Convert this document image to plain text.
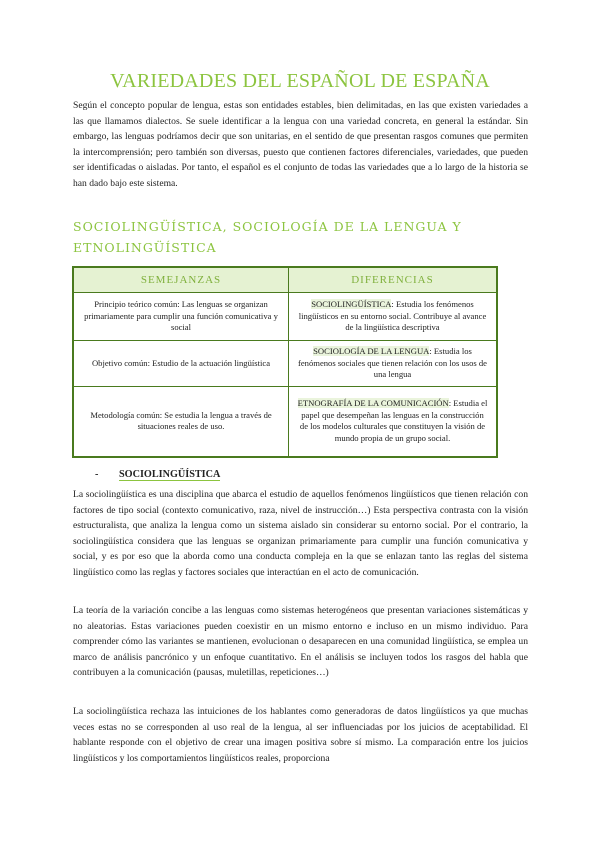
VARIEDADES DEL ESPAÑOL DE ESPAÑA
Según el concepto popular de lengua, estas son entidades estables, bien delimitadas, en las que existen variedades a las que llamamos dialectos. Se suele identificar a la lengua con una variedad concreta, en general la estándar. Sin embargo, las lenguas podríamos decir que son unitarias, en el sentido de que presentan rasgos comunes que permiten la intercomprensión; pero también son diversas, puesto que contienen factores diferenciales, variedades, que pueden ser identificadas o aisladas. Por tanto, el español es el conjunto de todas las variedades que a lo largo de la historia se han dado bajo este sistema.
SOCIOLINGÜÍSTICA, SOCIOLOGÍA DE LA LENGUA Y ETNOLINGÜÍSTICA
SEMEJANZAS	DIFERENCIAS
Principio teórico común: Las lenguas se organizan primariamente para cumplir una función comunicativa y social	SOCIOLINGÜÍSTICA: Estudia los fenómenos lingüísticos en su entorno social. Contribuye al avance de la lingüística descriptiva
Objetivo común: Estudio de la actuación lingüística	SOCIOLOGÍA DE LA LENGUA: Estudia los fenómenos sociales que tienen relación con los usos de una lengua
Metodología común: Se estudia la lengua a través de situaciones reales de uso.	ETNOGRAFÍA DE LA COMUNICACIÓN: Estudia el papel que desempeñan las lenguas en la construcción de los modelos culturales que constituyen la visión de mundo propia de un grupo social.
- SOCIOLINGÜÍSTICA
La sociolingüística es una disciplina que abarca el estudio de aquellos fenómenos lingüísticos que tienen relación con factores de tipo social (contexto comunicativo, raza, nivel de instrucción…) Esta perspectiva contrasta con la visión estructuralista, que analiza la lengua como un sistema aislado sin considerar su entorno social. Por el contrario, la sociolingüística considera que las lenguas se organizan primariamente para cumplir una función comunicativa y social, y es por eso que la aborda como una conducta compleja en la que se enlazan tanto las reglas del sistema lingüístico como las reglas y factores sociales que interactúan en el acto de comunicación.
La teoría de la variación concibe a las lenguas como sistemas heterogéneos que presentan variaciones sistemáticas y no aleatorias. Estas variaciones pueden coexistir en un mismo entorno e incluso en un mismo individuo. Para comprender cómo las variantes se mantienen, evolucionan o desaparecen en una comunidad lingüística, se emplea un marco de análisis pancrónico y un enfoque cuantitativo. En el análisis se incluyen todos los rasgos del habla que contribuyen a la comunicación (pausas, muletillas, repeticiones…)
La sociolingüística rechaza las intuiciones de los hablantes como generadoras de datos lingüísticos ya que muchas veces estas no se corresponden al uso real de la lengua, al ser influenciadas por los juicios de aceptabilidad. El hablante responde con el objetivo de crear una imagen positiva sobre sí mismo. La comparación entre los juicios lingüísticos y los comportamientos lingüísticos reales, proporciona
